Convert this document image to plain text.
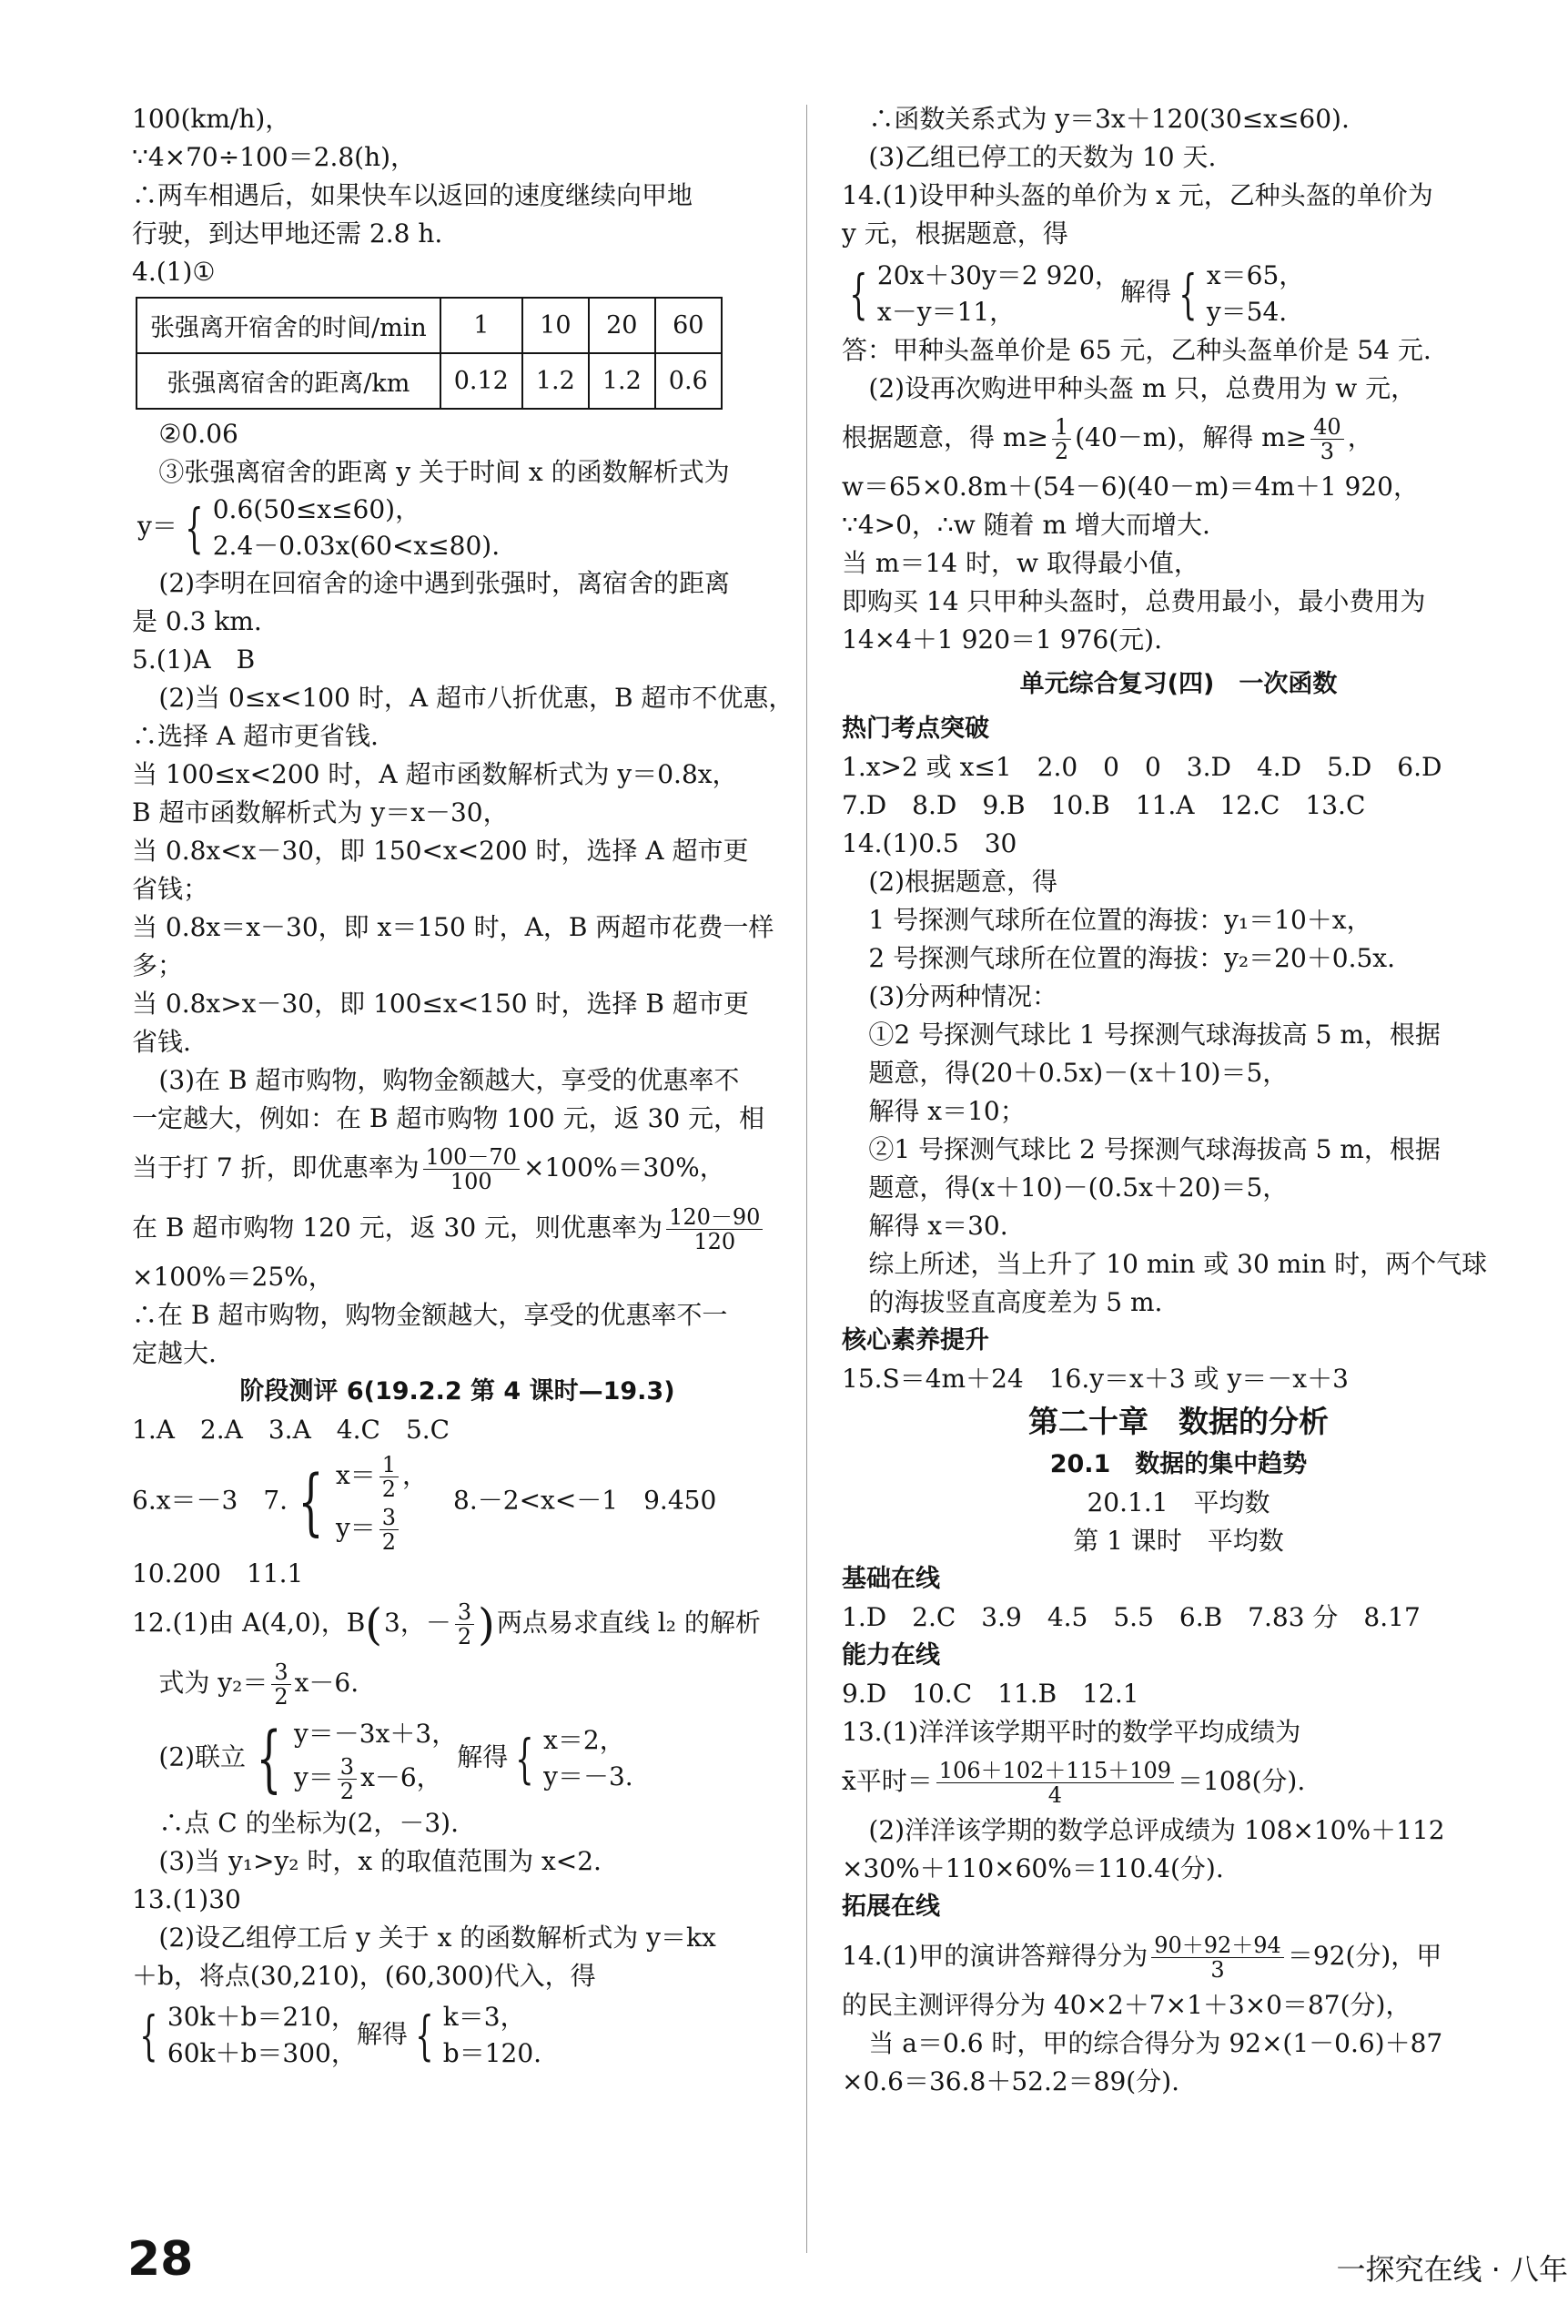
100(km/h)，
∵4×70÷100＝2.8(h)，
∴两车相遇后，如果快车以返回的速度继续向甲地
行驶，到达甲地还需 2.8 h.
4.(1)①
张强离开宿舍的时间/min	1	10	20	60
张强离宿舍的距离/km	0.12	1.2	1.2	0.6
②0.06
③张强离宿舍的距离 y 关于时间 x 的函数解析式为
y＝ { 0.6(50≤x≤60)，
2.4－0.03x(60<x≤80).
(2)李明在回宿舍的途中遇到张强时，离宿舍的距离
是 0.3 km.
5.(1)A　B
(2)当 0≤x<100 时，A 超市八折优惠，B 超市不优惠，
∴选择 A 超市更省钱.
当 100≤x<200 时，A 超市函数解析式为 y＝0.8x，
B 超市函数解析式为 y＝x－30，
当 0.8x<x－30，即 150<x<200 时，选择 A 超市更
省钱；
当 0.8x＝x－30，即 x＝150 时，A，B 两超市花费一样
多；
当 0.8x>x－30，即 100≤x<150 时，选择 B 超市更
省钱.
(3)在 B 超市购物，购物金额越大，享受的优惠率不
一定越大，例如：在 B 超市购物 100 元，返 30 元，相
当于打 7 折，即优惠率为 $\frac{100-70}{100} \times 100\%=30\%$，
在 B 超市购物 120 元，返 30 元，则优惠率为 $\frac{120-90}{120}$
×100%＝25%，
∴在 B 超市购物，购物金额越大，享受的优惠率不一
定越大.
阶段测评 6(19.2.2 第 4 课时—19.3)
1.A　2.A　3.A　4.C　5.C
6.x＝－3　7. { $x= \frac{1}{2}$ ，
$y= \frac{3}{2}$
　8.－2<x<－1　9.450
10.200　11.1
12.(1)由 A(4,0)，B(3，－ $\frac{3}{2}$ )两点易求直线 l₂ 的解析
式为 $y_2= \frac{3}{2} x-6$.
(2)联立 { y＝－3x＋3，
$y= \frac{3}{2} x-6$，解得 { x＝2，
y＝－3.
∴点 C 的坐标为(2，－3).
(3)当 y₁>y₂ 时，x 的取值范围为 x<2.
13.(1)30
(2)设乙组停工后 y 关于 x 的函数解析式为 y＝kx
＋b，将点(30,210)，(60,300)代入，得
{ 30k＋b＝210，
60k＋b＝300，解得 { k＝3，
b＝120.
∴函数关系式为 y＝3x＋120(30≤x≤60).
(3)乙组已停工的天数为 10 天.
14.(1)设甲种头盔的单价为 x 元，乙种头盔的单价为
y 元，根据题意，得
{ 20x＋30y＝2 920，
x－y＝11，解得 { x＝65，
y＝54.
答：甲种头盔单价是 65 元，乙种头盔单价是 54 元.
(2)设再次购进甲种头盔 m 只，总费用为 w 元，
根据题意，得 $m\ge \frac{1}{2} (40-m)$，解得 $m\ge \frac{40}{3}$ ，
w＝65×0.8m＋(54－6)(40－m)＝4m＋1 920，
∵4>0，∴w 随着 m 增大而增大.
当 m＝14 时，w 取得最小值，
即购买 14 只甲种头盔时，总费用最小，最小费用为
14×4＋1 920＝1 976(元).
单元综合复习(四)　一次函数
热门考点突破
1.x>2 或 x≤1　2.0　0　0　3.D　4.D　5.D　6.D
7.D　8.D　9.B　10.B　11.A　12.C　13.C
14.(1)0.5　30
(2)根据题意，得
1 号探测气球所在位置的海拔：y₁＝10＋x，
2 号探测气球所在位置的海拔：y₂＝20＋0.5x.
(3)分两种情况：
①2 号探测气球比 1 号探测气球海拔高 5 m，根据
题意，得(20＋0.5x)－(x＋10)＝5，
解得 x＝10；
②1 号探测气球比 2 号探测气球海拔高 5 m，根据
题意，得(x＋10)－(0.5x＋20)＝5，
解得 x＝30.
综上所述，当上升了 10 min 或 30 min 时，两个气球
的海拔竖直高度差为 5 m.
核心素养提升
15.S＝4m＋24　16.y＝x＋3 或 y＝－x＋3
第二十章　数据的分析
20.1　数据的集中趋势
20.1.1　平均数
第 1 课时　平均数
基础在线
1.D　2.C　3.9　4.5　5.5　6.B　7.83 分　8.17
能力在线
9.D　10.C　11.B　12.1
13.(1)洋洋该学期平时的数学平均成绩为
x̄平时＝ $\frac{106+102+115+109}{4} =108$(分).
(2)洋洋该学期的数学总评成绩为 108×10%＋112
×30%＋110×60%＝110.4(分).
拓展在线
14.(1)甲的演讲答辩得分为 $\frac{90+92+94}{3} =92$(分)，甲
的民主测评得分为 40×2＋7×1＋3×0＝87(分)，
当 a＝0.6 时，甲的综合得分为 92×(1－0.6)＋87
×0.6＝36.8＋52.2＝89(分).
28	一探究在线 · 八年
